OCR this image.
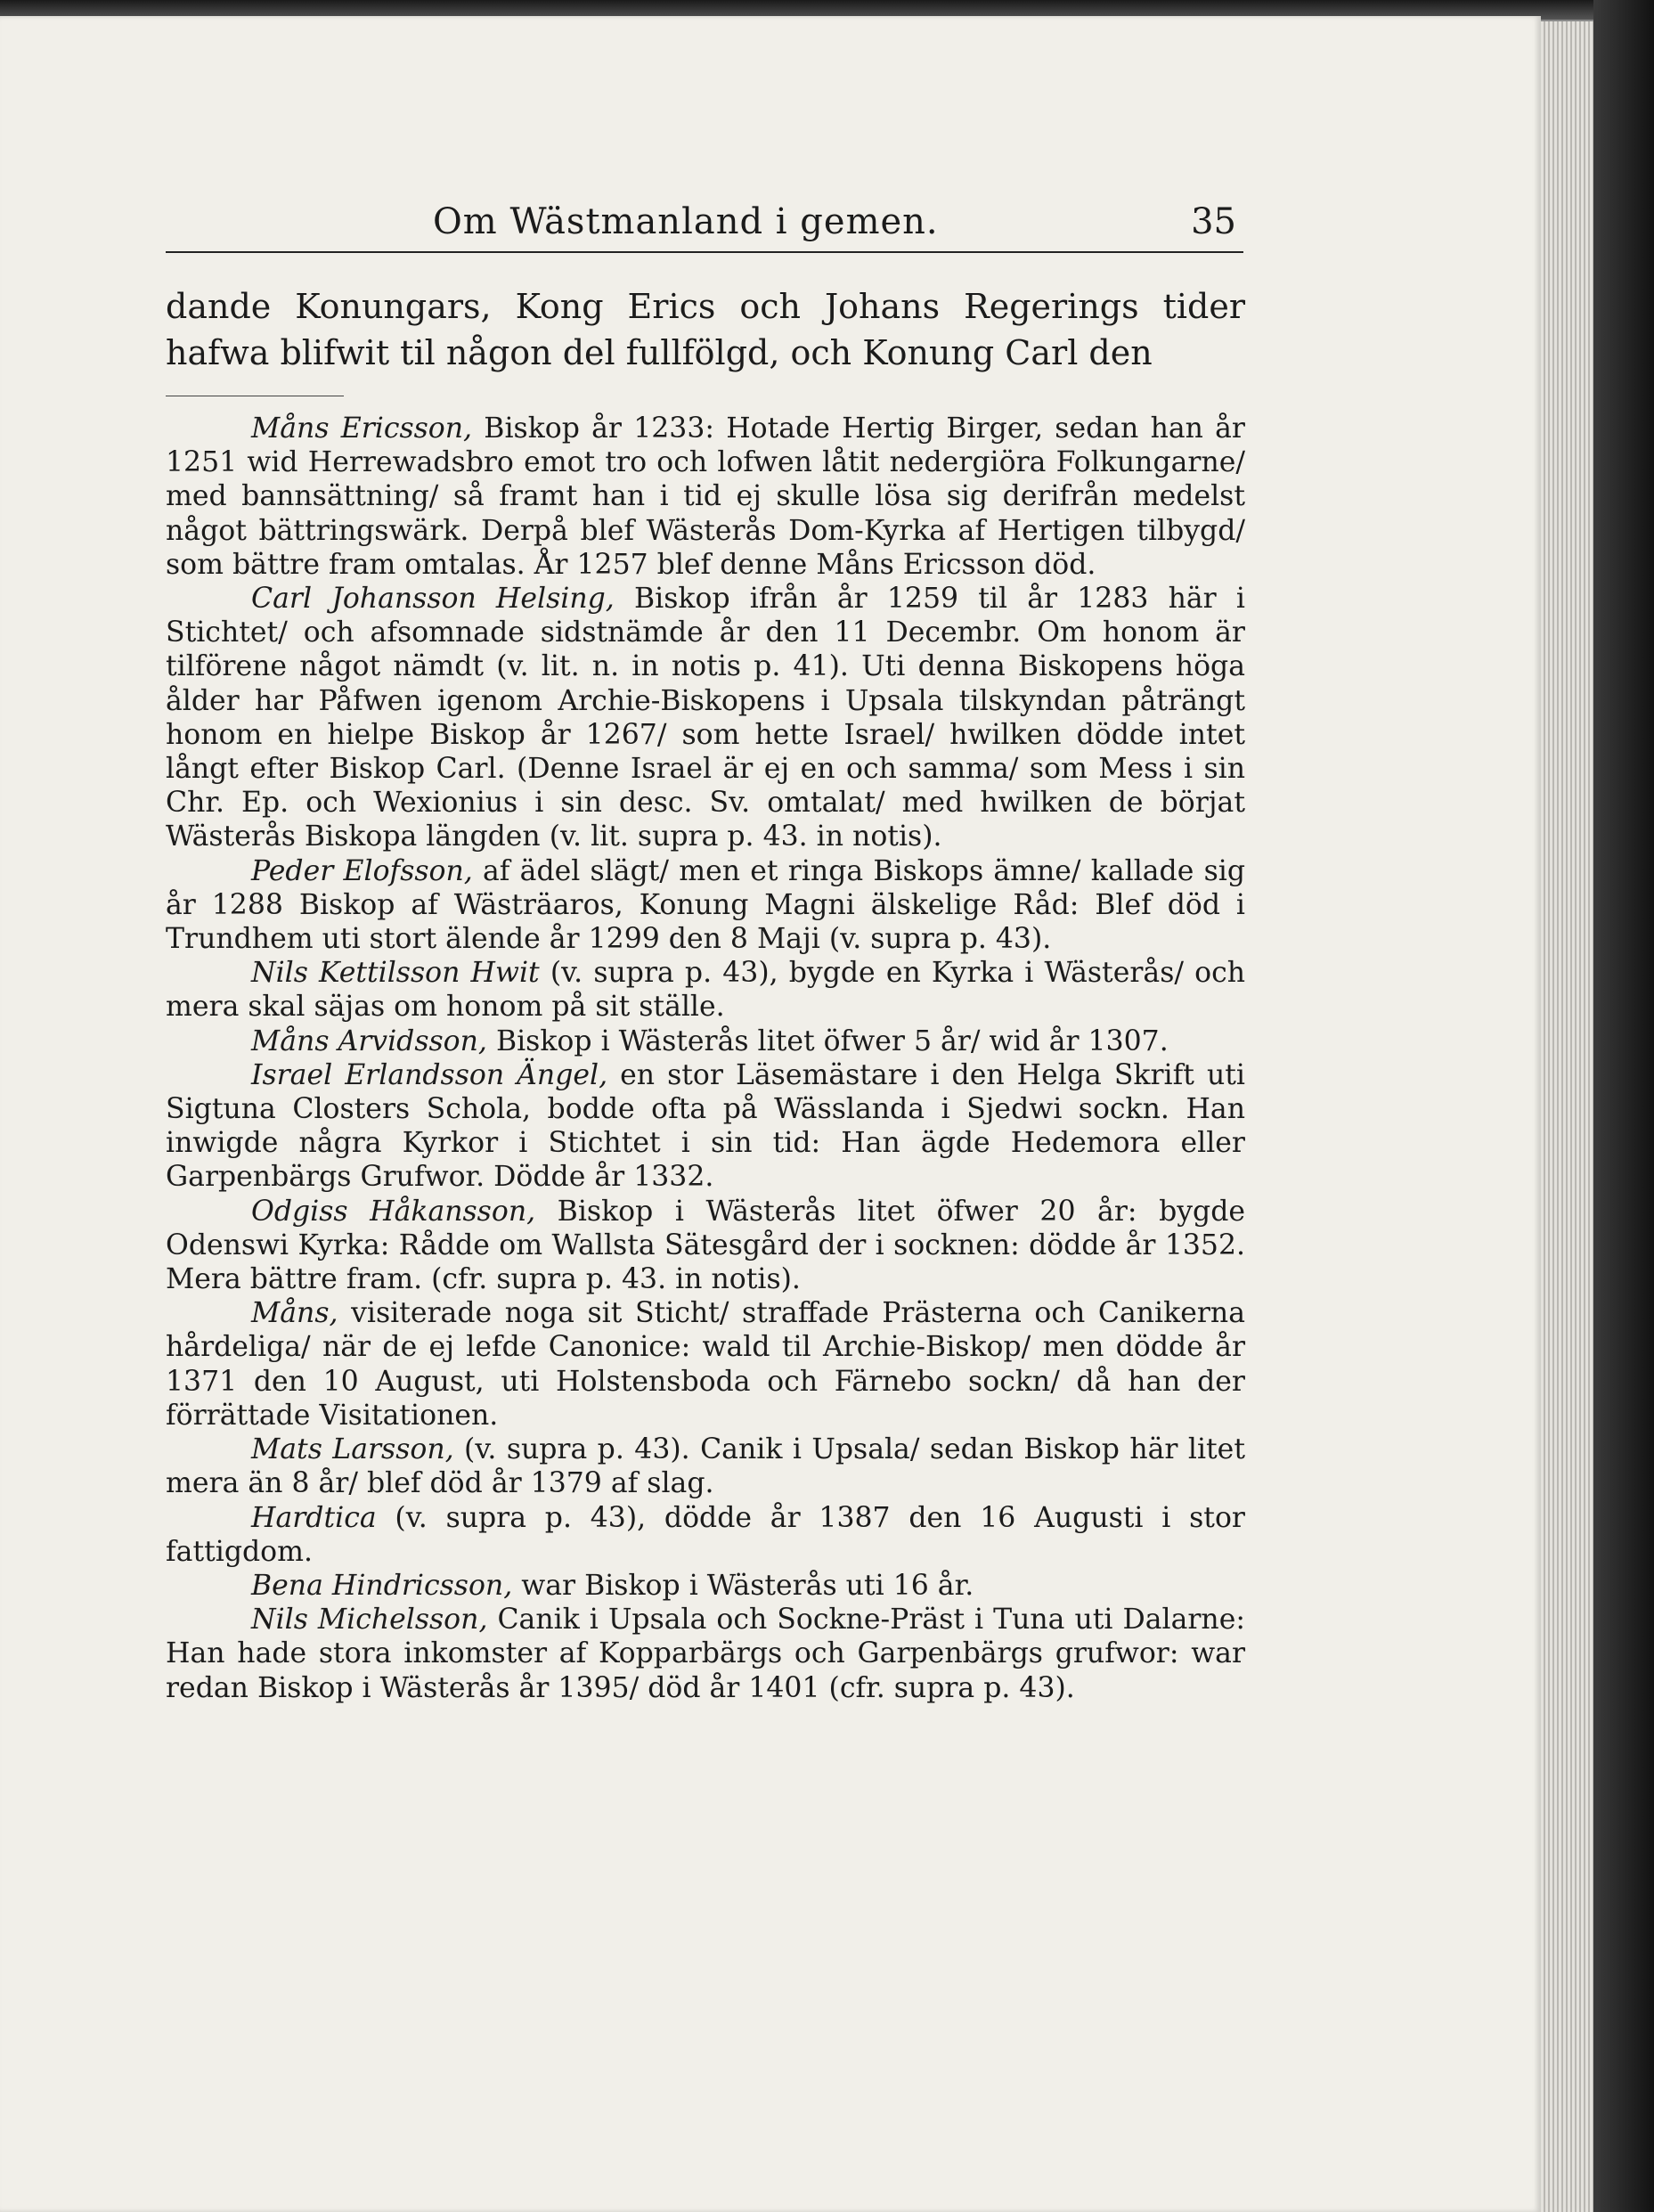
Om Wästmanland i gemen.	35

dande Konungars, Kong Erics och Johans Regerings tider hafwa blifwit til någon del fullfölgd, och Konung Carl den

Måns Ericsson, Biskop år 1233: Hotade Hertig Birger, sedan han år 1251 wid Herrewadsbro emot tro och lofwen låtit nedergiöra Folkungarne/ med bannsättning/ så framt han i tid ej skulle lösa sig derifrån medelst något bättringswärk. Derpå blef Wästerås Dom-Kyrka af Hertigen tilbygd/ som bättre fram omtalas. År 1257 blef denne Måns Ericsson död.

Carl Johansson Helsing, Biskop ifrån år 1259 til år 1283 här i Stichtet/ och afsomnade sidstnämde år den 11 Decembr. Om honom är tilförene något nämdt (v. lit. n. in notis p. 41). Uti denna Biskopens höga ålder har Påfwen igenom Archie-Biskopens i Upsala tilskyndan påträngt honom en hielpe Biskop år 1267/ som hette Israel/ hwilken dödde intet långt efter Biskop Carl. (Denne Israel är ej en och samma/ som Mess i sin Chr. Ep. och Wexionius i sin desc. Sv. omtalat/ med hwilken de börjat Wästerås Biskopa längden (v. lit. supra p. 43. in notis).

Peder Elofsson, af ädel slägt/ men et ringa Biskops ämne/ kallade sig år 1288 Biskop af Wästräaros, Konung Magni älskelige Råd: Blef död i Trundhem uti stort älende år 1299 den 8 Maji (v. supra p. 43).

Nils Kettilsson Hwit (v. supra p. 43), bygde en Kyrka i Wästerås/ och mera skal säjas om honom på sit ställe.

Måns Arvidsson, Biskop i Wästerås litet öfwer 5 år/ wid år 1307.

Israel Erlandsson Ängel, en stor Läsemästare i den Helga Skrift uti Sigtuna Closters Schola, bodde ofta på Wässlanda i Sjedwi sockn. Han inwigde några Kyrkor i Stichtet i sin tid: Han ägde Hedemora eller Garpenbärgs Grufwor. Dödde år 1332.

Odgiss Håkansson, Biskop i Wästerås litet öfwer 20 år: bygde Odenswi Kyrka: Rådde om Wallsta Sätesgård der i socknen: dödde år 1352. Mera bättre fram. (cfr. supra p. 43. in notis).

Måns, visiterade noga sit Sticht/ straffade Prästerna och Canikerna hårdeliga/ när de ej lefde Canonice: wald til Archie-Biskop/ men dödde år 1371 den 10 August, uti Holstensboda och Färnebo sockn/ då han der förrättade Visitationen.

Mats Larsson, (v. supra p. 43). Canik i Upsala/ sedan Biskop här litet mera än 8 år/ blef död år 1379 af slag.

Hardtica (v. supra p. 43), dödde år 1387 den 16 Augusti i stor fattigdom.

Bena Hindricsson, war Biskop i Wästerås uti 16 år.

Nils Michelsson, Canik i Upsala och Sockne-Präst i Tuna uti Dalarne: Han hade stora inkomster af Kopparbärgs och Garpenbärgs grufwor: war redan Biskop i Wästerås år 1395/ död år 1401 (cfr. supra p. 43).
